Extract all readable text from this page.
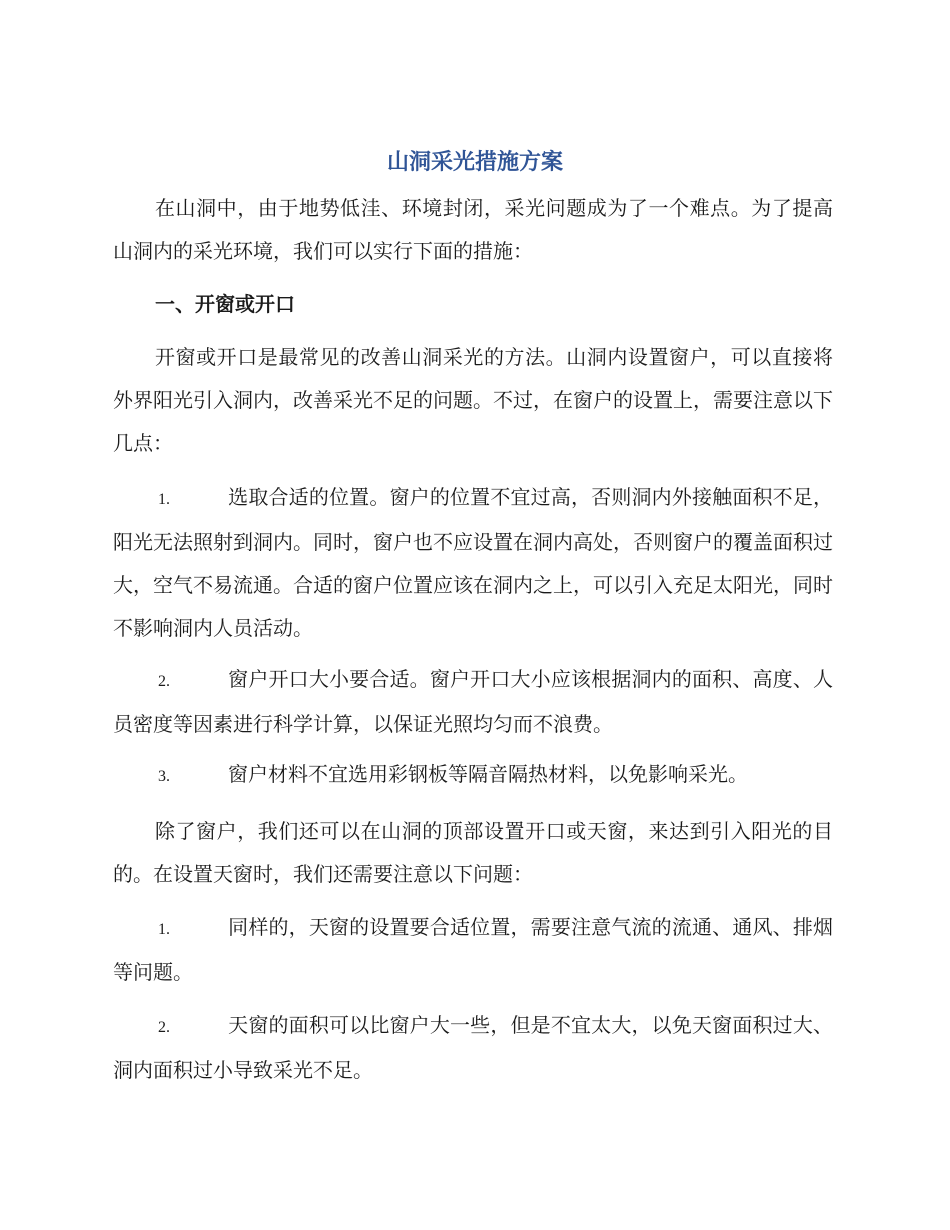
山洞采光措施方案
在山洞中，由于地势低洼、环境封闭，采光问题成为了一个难点。为了提高山洞内的采光环境，我们可以实行下面的措施：
一、开窗或开口
开窗或开口是最常见的改善山洞采光的方法。山洞内设置窗户，可以直接将外界阳光引入洞内，改善采光不足的问题。不过，在窗户的设置上，需要注意以下几点：
1.	选取合适的位置。窗户的位置不宜过高，否则洞内外接触面积不足，阳光无法照射到洞内。同时，窗户也不应设置在洞内高处，否则窗户的覆盖面积过大，空气不易流通。合适的窗户位置应该在洞内之上，可以引入充足太阳光，同时不影响洞内人员活动。
2.	窗户开口大小要合适。窗户开口大小应该根据洞内的面积、高度、人员密度等因素进行科学计算，以保证光照均匀而不浪费。
3.	窗户材料不宜选用彩钢板等隔音隔热材料，以免影响采光。
除了窗户，我们还可以在山洞的顶部设置开口或天窗，来达到引入阳光的目的。在设置天窗时，我们还需要注意以下问题：
1.	同样的，天窗的设置要合适位置，需要注意气流的流通、通风、排烟等问题。
2.	天窗的面积可以比窗户大一些，但是不宜太大，以免天窗面积过大、洞内面积过小导致采光不足。
